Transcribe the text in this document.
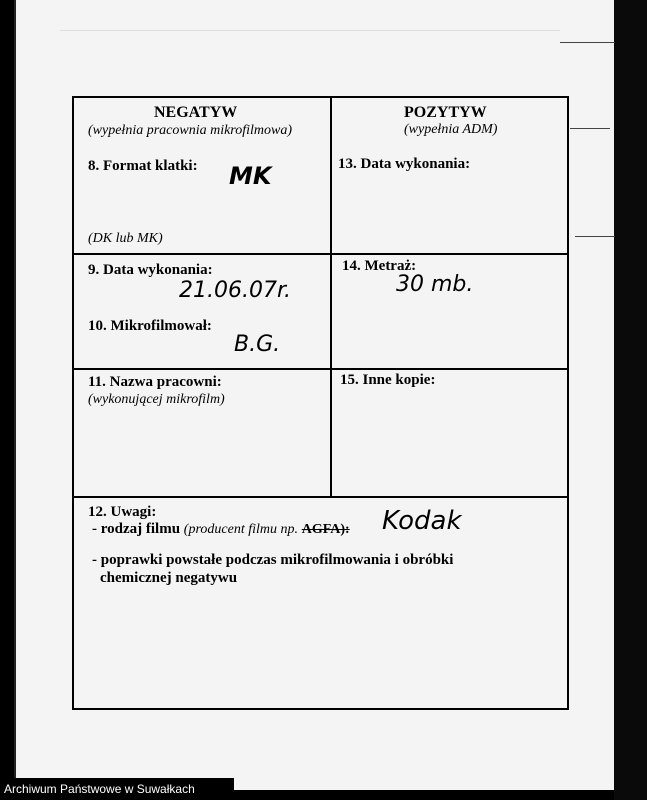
NEGATYW
(wypełnia pracownia mikrofilmowa)
8. Format klatki: MK
(DK lub MK)
POZYTYW
(wypełnia ADM)
13. Data wykonania:
9. Data wykonania:
21.06.07r.
10. Mikrofilmował:
B.G.
14. Metraż:
30 mb.
11. Nazwa pracowni:
(wykonującej mikrofilm)
15. Inne kopie:
12. Uwagi:
- rodzaj filmu (producent filmu np. AGFA): Kodak
- poprawki powstałe podczas mikrofilmowania i obróbki
chemicznej negatywu
Archiwum Państwowe w Suwałkach
